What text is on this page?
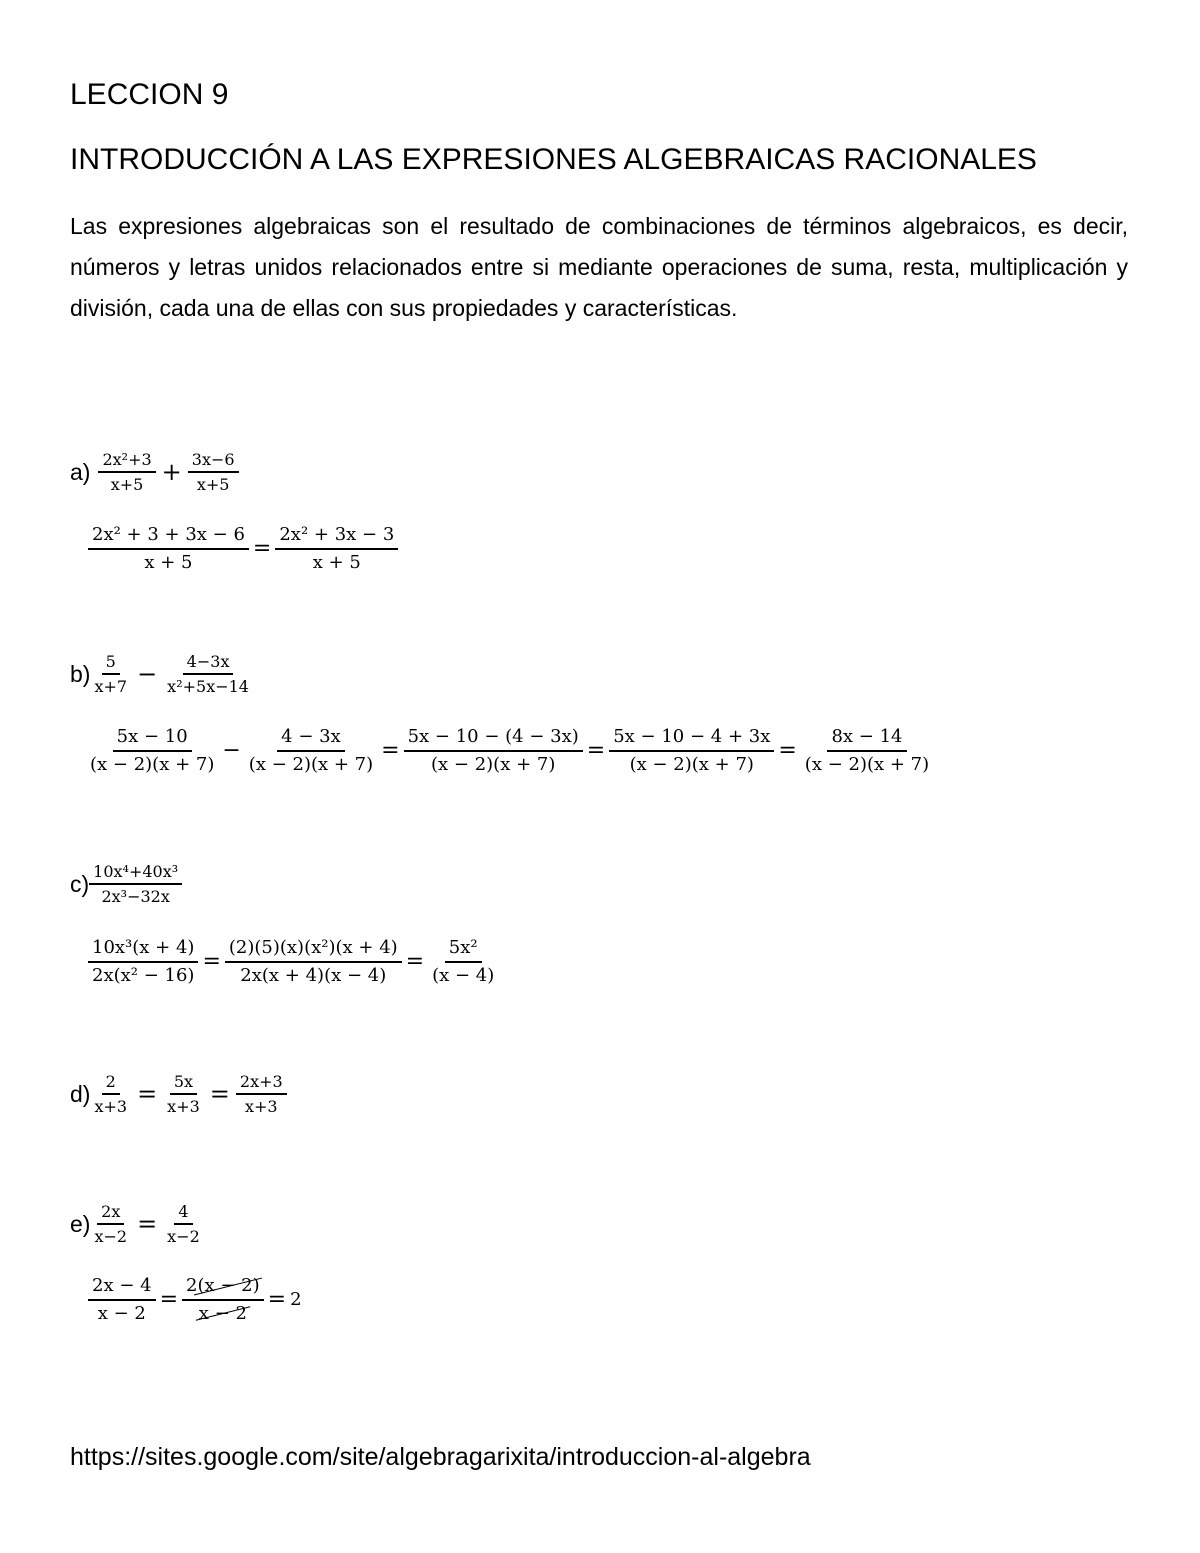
LECCION 9
INTRODUCCIÓN A LAS EXPRESIONES ALGEBRAICAS RACIONALES
Las expresiones algebraicas son el resultado de combinaciones de términos algebraicos, es decir, números y letras unidos relacionados entre si mediante operaciones de suma, resta, multiplicación y división, cada una de ellas con sus propiedades y características.
$a) \frac{\text{2x²+3}}{x+5} + \frac{3x-6}{x+5}$
$\frac{\text{2x² + 3 + 3x − 6}}{x + 5} = \frac{\text{2x² + 3x − 3}}{x + 5}$
$b) \frac{5}{x+7} - \frac{4-3x}{\text{x²+5x−14}}$
$\frac{5x - 10}{(x - 2)(x + 7)} - \frac{4 - 3x}{(x - 2)(x + 7)} = \frac{5x - 10 - (4 - 3x)}{(x - 2)(x + 7)} = \frac{5x - 10 - 4 + 3x}{(x - 2)(x + 7)} = \frac{8x - 14}{(x - 2)(x + 7)}$
$c) \frac{\text{10x⁴+40x³}}{\text{2x³−32x}}$
$\frac{\text{10x³(x + 4)}}{\text{2x(x² − 16)}} = \frac{\text{(2)(5)(x)(x²)(x + 4)}}{2x(x + 4)(x - 4)} = \frac{\text{5x²}}{(x - 4)}$
$d) \frac{2}{x+3} = \frac{5x}{x+3} = \frac{2x+3}{x+3}$
$e) \frac{2x}{x-2} = \frac{4}{x-2}$
$\frac{2x - 4}{x - 2} = \frac{2(x - 2)}{x - 2} = 2$
https://sites.google.com/site/algebragarixita/introduccion-al-algebra
